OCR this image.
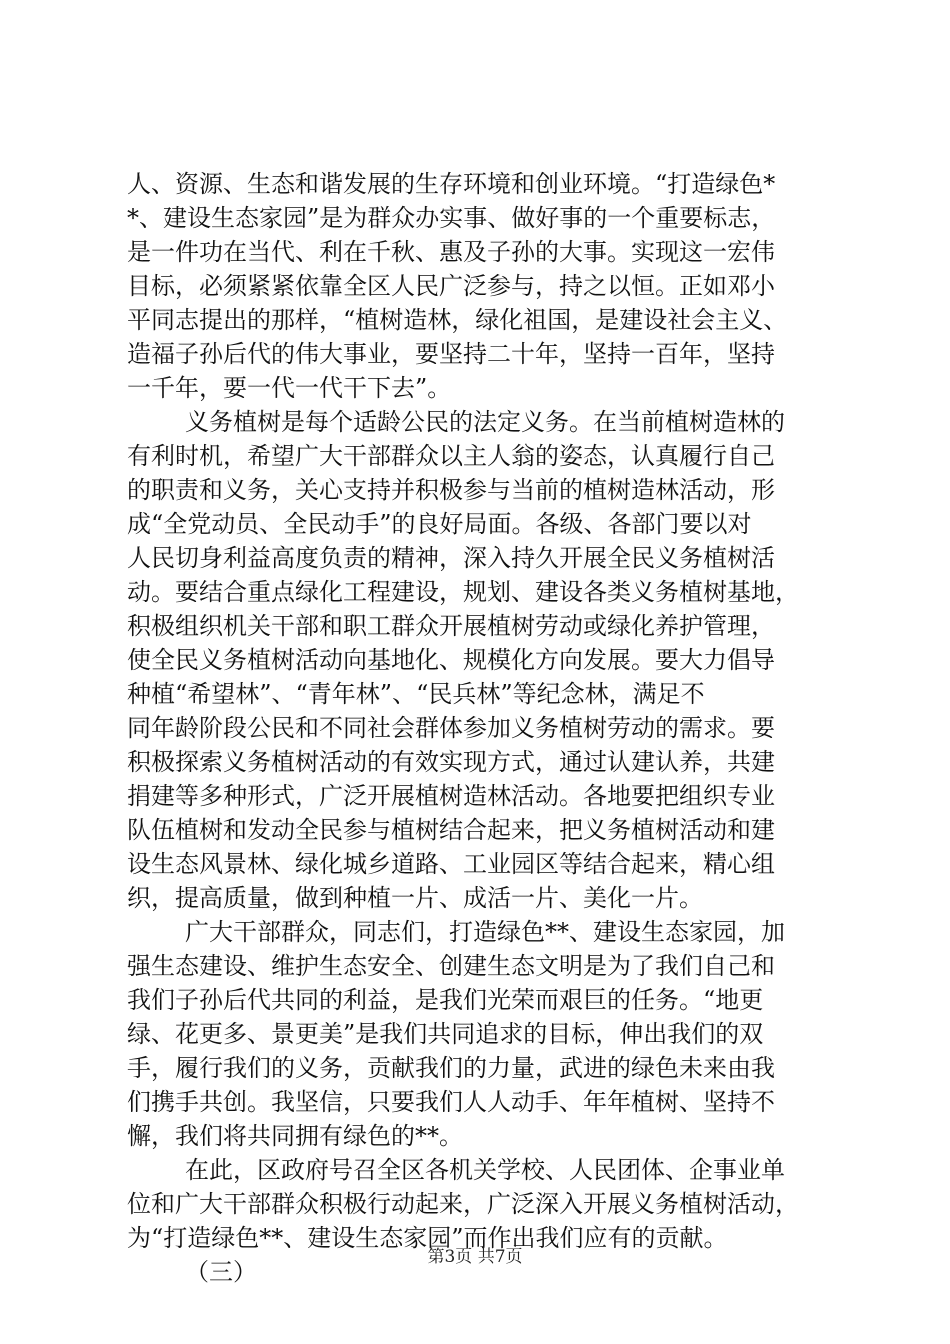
人、资源、生态和谐发展的生存环境和创业环境。“打造绿色*
*、建设生态家园”是为群众办实事、做好事的一个重要标志，
是一件功在当代、利在千秋、惠及子孙的大事。实现这一宏伟
目标，必须紧紧依靠全区人民广泛参与，持之以恒。正如邓小
平同志提出的那样，“植树造林，绿化祖国，是建设社会主义、
造福子孙后代的伟大事业，要坚持二十年，坚持一百年，坚持
一千年，要一代一代干下去”。
义务植树是每个适龄公民的法定义务。在当前植树造林的
有利时机，希望广大干部群众以主人翁的姿态，认真履行自己
的职责和义务，关心支持并积极参与当前的植树造林活动，形
成“全党动员、全民动手”的良好局面。各级、各部门要以对
人民切身利益高度负责的精神，深入持久开展全民义务植树活
动。要结合重点绿化工程建设，规划、建设各类义务植树基地，
积极组织机关干部和职工群众开展植树劳动或绿化养护管理，
使全民义务植树活动向基地化、规模化方向发展。要大力倡导
种植“希望林”、“青年林”、“民兵林”等纪念林，满足不
同年龄阶段公民和不同社会群体参加义务植树劳动的需求。要
积极探索义务植树活动的有效实现方式，通过认建认养，共建
捐建等多种形式，广泛开展植树造林活动。各地要把组织专业
队伍植树和发动全民参与植树结合起来，把义务植树活动和建
设生态风景林、绿化城乡道路、工业园区等结合起来，精心组
织，提高质量，做到种植一片、成活一片、美化一片。
广大干部群众，同志们，打造绿色**、建设生态家园，加
强生态建设、维护生态安全、创建生态文明是为了我们自己和
我们子孙后代共同的利益，是我们光荣而艰巨的任务。“地更
绿、花更多、景更美”是我们共同追求的目标，伸出我们的双
手，履行我们的义务，贡献我们的力量，武进的绿色未来由我
们携手共创。我坚信，只要我们人人动手、年年植树、坚持不
懈，我们将共同拥有绿色的**。
在此，区政府号召全区各机关学校、人民团体、企事业单
位和广大干部群众积极行动起来，广泛深入开展义务植树活动，
为“打造绿色**、建设生态家园”而作出我们应有的贡献。
（三）
第3页 共7页
